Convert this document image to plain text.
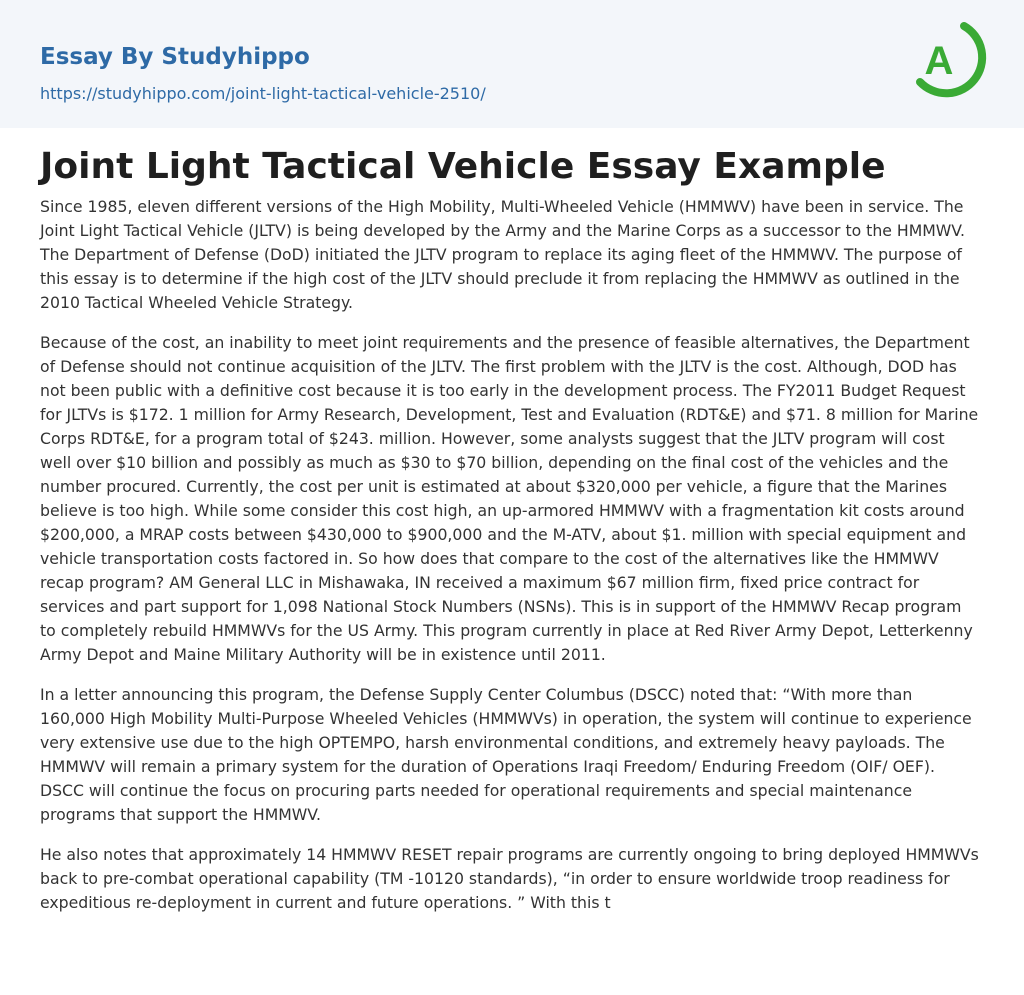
Essay By Studyhippo
https://studyhippo.com/joint-light-tactical-vehicle-2510/
A
Joint Light Tactical Vehicle Essay Example

Since 1985, eleven different versions of the High Mobility, Multi-Wheeled Vehicle (HMMWV) have been in service. The Joint Light Tactical Vehicle (JLTV) is being developed by the Army and the Marine Corps as a successor to the HMMWV. The Department of Defense (DoD) initiated the JLTV program to replace its aging fleet of the HMMWV. The purpose of this essay is to determine if the high cost of the JLTV should preclude it from replacing the HMMWV as outlined in the 2010 Tactical Wheeled Vehicle Strategy.

Because of the cost, an inability to meet joint requirements and the presence of feasible alternatives, the Department of Defense should not continue acquisition of the JLTV. The first problem with the JLTV is the cost. Although, DOD has not been public with a definitive cost because it is too early in the development process. The FY2011 Budget Request for JLTVs is $172. 1 million for Army Research, Development, Test and Evaluation (RDT&E) and $71. 8 million for Marine Corps RDT&E, for a program total of $243. million. However, some analysts suggest that the JLTV program will cost well over $10 billion and possibly as much as $30 to $70 billion, depending on the final cost of the vehicles and the number procured. Currently, the cost per unit is estimated at about $320,000 per vehicle, a figure that the Marines believe is too high. While some consider this cost high, an up-armored HMMWV with a fragmentation kit costs around $200,000, a MRAP costs between $430,000 to $900,000 and the M-ATV, about $1. million with special equipment and vehicle transportation costs factored in. So how does that compare to the cost of the alternatives like the HMMWV recap program? AM General LLC in Mishawaka, IN received a maximum $67 million firm, fixed price contract for services and part support for 1,098 National Stock Numbers (NSNs). This is in support of the HMMWV Recap program to completely rebuild HMMWVs for the US Army. This program currently in place at Red River Army Depot, Letterkenny Army Depot and Maine Military Authority will be in existence until 2011.

In a letter announcing this program, the Defense Supply Center Columbus (DSCC) noted that: “With more than 160,000 High Mobility Multi-Purpose Wheeled Vehicles (HMMWVs) in operation, the system will continue to experience very extensive use due to the high OPTEMPO, harsh environmental conditions, and extremely heavy payloads. The HMMWV will remain a primary system for the duration of Operations Iraqi Freedom/ Enduring Freedom (OIF/ OEF). DSCC will continue the focus on procuring parts needed for operational requirements and special maintenance programs that support the HMMWV.

He also notes that approximately 14 HMMWV RESET repair programs are currently ongoing to bring deployed HMMWVs back to pre-combat operational capability (TM -10120 standards), “in order to ensure worldwide troop readiness for expeditious re-deployment in current and future operations. ” With this t
